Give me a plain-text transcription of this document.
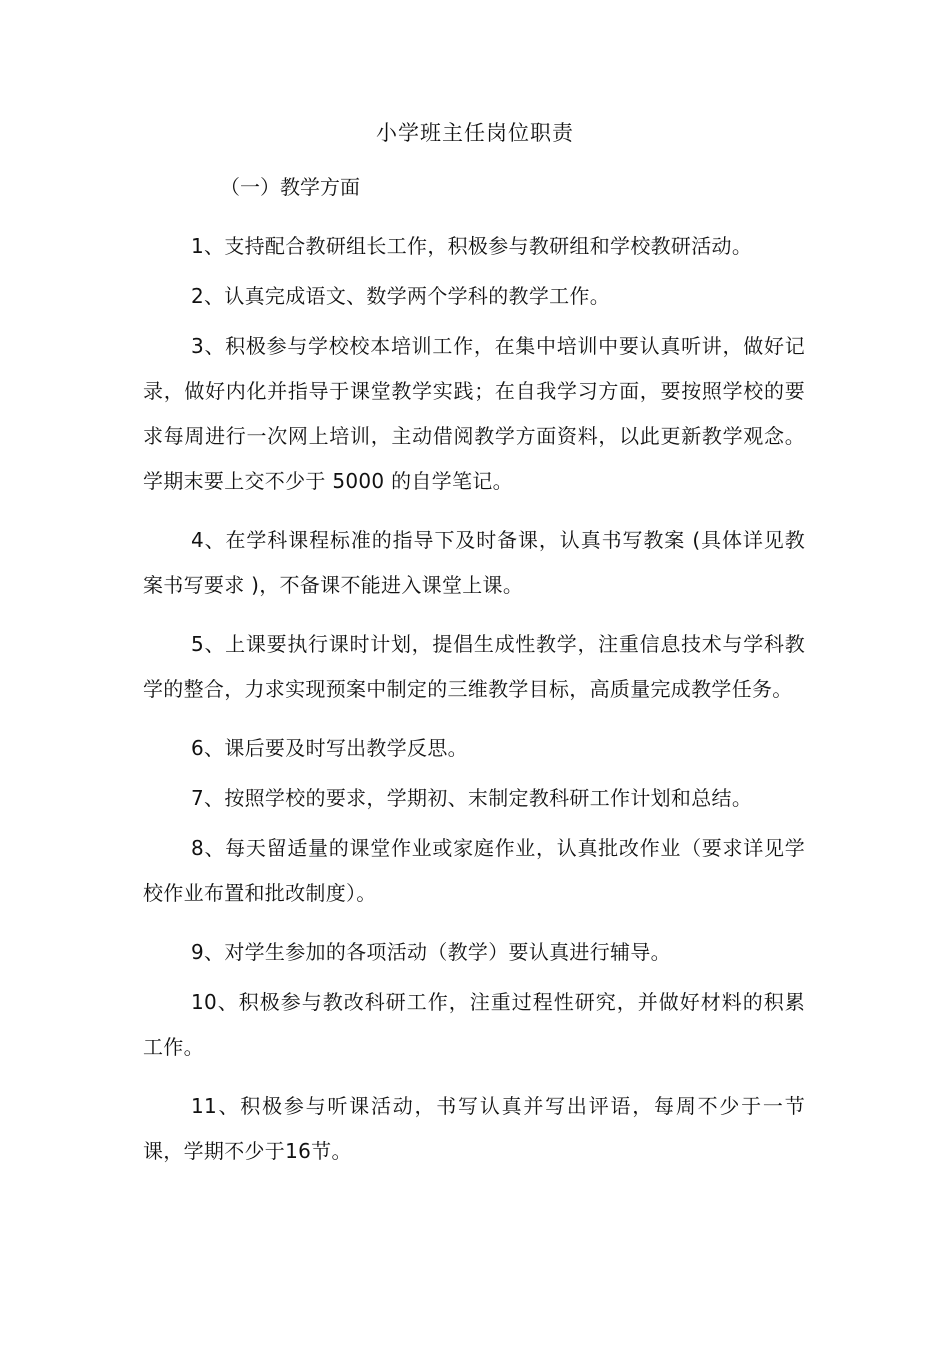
小学班主任岗位职责
（一）教学方面

1、支持配合教研组长工作，积极参与教研组和学校教研活动。

2、认真完成语文、数学两个学科的教学工作。

3、积极参与学校校本培训工作，在集中培训中要认真听讲，做好记录，做好内化并指导于课堂教学实践；在自我学习方面，要按照学校的要求每周进行一次网上培训，主动借阅教学方面资料，以此更新教学观念。学期末要上交不少于 5000 的自学笔记。

4、在学科课程标准的指导下及时备课，认真书写教案 (具体详见教案书写要求 )，不备课不能进入课堂上课。

5、上课要执行课时计划，提倡生成性教学，注重信息技术与学科教学的整合，力求实现预案中制定的三维教学目标，高质量完成教学任务。

6、课后要及时写出教学反思。

7、按照学校的要求，学期初、末制定教科研工作计划和总结。

8、每天留适量的课堂作业或家庭作业，认真批改作业（要求详见学校作业布置和批改制度）。

9、对学生参加的各项活动（教学）要认真进行辅导。

10、积极参与教改科研工作，注重过程性研究，并做好材料的积累工作。

11、积极参与听课活动，书写认真并写出评语，每周不少于一节课，学期不少于16节。
